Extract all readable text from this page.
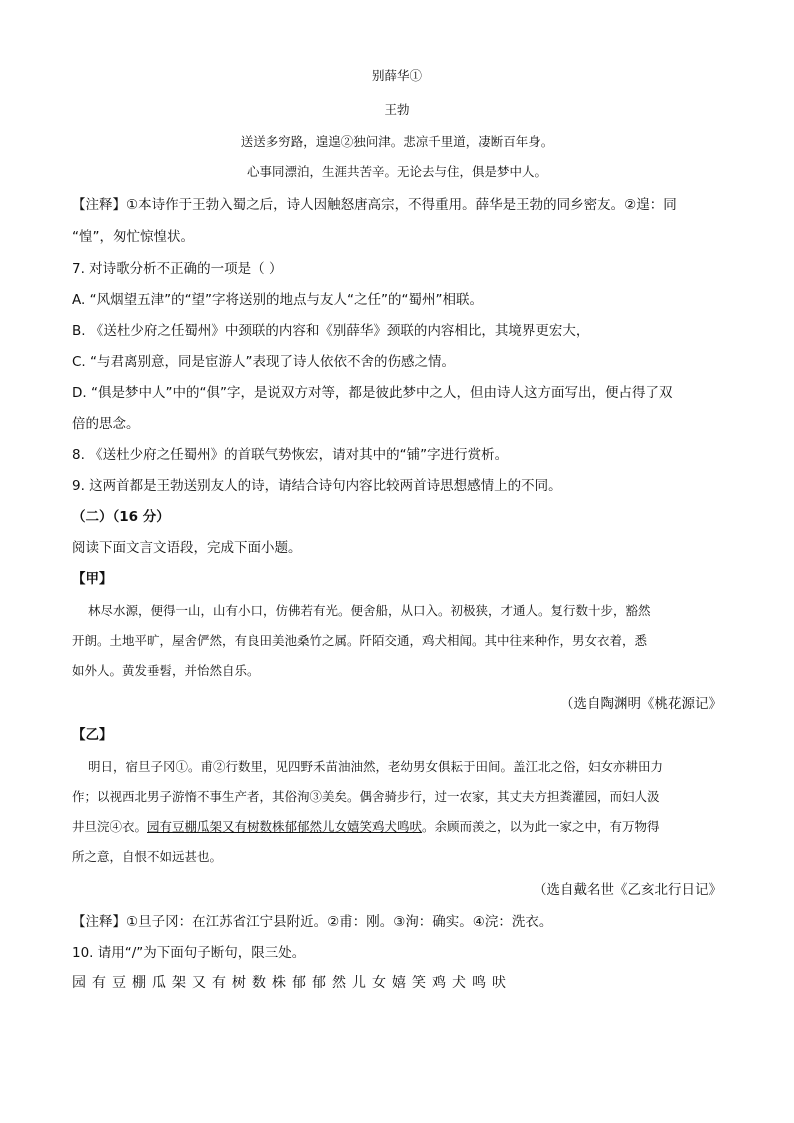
别薛华①
王勃
送送多穷路，遑遑②独问津。悲凉千里道，凄断百年身。
心事同漂泊，生涯共苦辛。无论去与住，俱是梦中人。
【注释】①本诗作于王勃入蜀之后，诗人因触怒唐高宗，不得重用。薛华是王勃的同乡密友。②遑：同
“惶”，匆忙惊惶状。
7. 对诗歌分析不正确的一项是（ ）
A. “风烟望五津”的“望”字将送别的地点与友人“之任”的“蜀州”相联。
B. 《送杜少府之任蜀州》中颈联的内容和《别薛华》颈联的内容相比，其境界更宏大，
C. “与君离别意，同是宦游人”表现了诗人依依不舍的伤感之情。
D. “俱是梦中人”中的“俱”字，是说双方对等，都是彼此梦中之人，但由诗人这方面写出，便占得了双
倍的思念。
8. 《送杜少府之任蜀州》的首联气势恢宏，请对其中的“铺”字进行赏析。
9. 这两首都是王勃送别友人的诗，请结合诗句内容比较两首诗思想感情上的不同。
（二）（16 分）
阅读下面文言文语段，完成下面小题。
【甲】
林尽水源，便得一山，山有小口，仿佛若有光。便舍船，从口入。初极狭，才通人。复行数十步，豁然
开朗。土地平旷，屋舍俨然，有良田美池桑竹之属。阡陌交通，鸡犬相闻。其中往来种作，男女衣着，悉
如外人。黄发垂髫，并怡然自乐。
（选自陶渊明《桃花源记》
【乙】
明日，宿旦子冈①。甫②行数里，见四野禾苗油油然，老幼男女俱耘于田间。盖江北之俗，妇女亦耕田力
作；以视西北男子游惰不事生产者，其俗洵③美矣。偶舍骑步行，过一农家，其丈夫方担粪灌园，而妇人汲
井旦浣④衣。园有豆棚瓜架又有树数株郁郁然儿女嬉笑鸡犬鸣吠。余顾而羡之，以为此一家之中，有万物得
所之意，自恨不如远甚也。
（选自戴名世《乙亥北行日记》
【注释】①旦子冈：在江苏省江宁县附近。②甫：刚。③洵：确实。④浣：洗衣。
10. 请用“/”为下面句子断句，限三处。
园有豆棚瓜架又有树数株郁郁然儿女嬉笑鸡犬鸣吠
